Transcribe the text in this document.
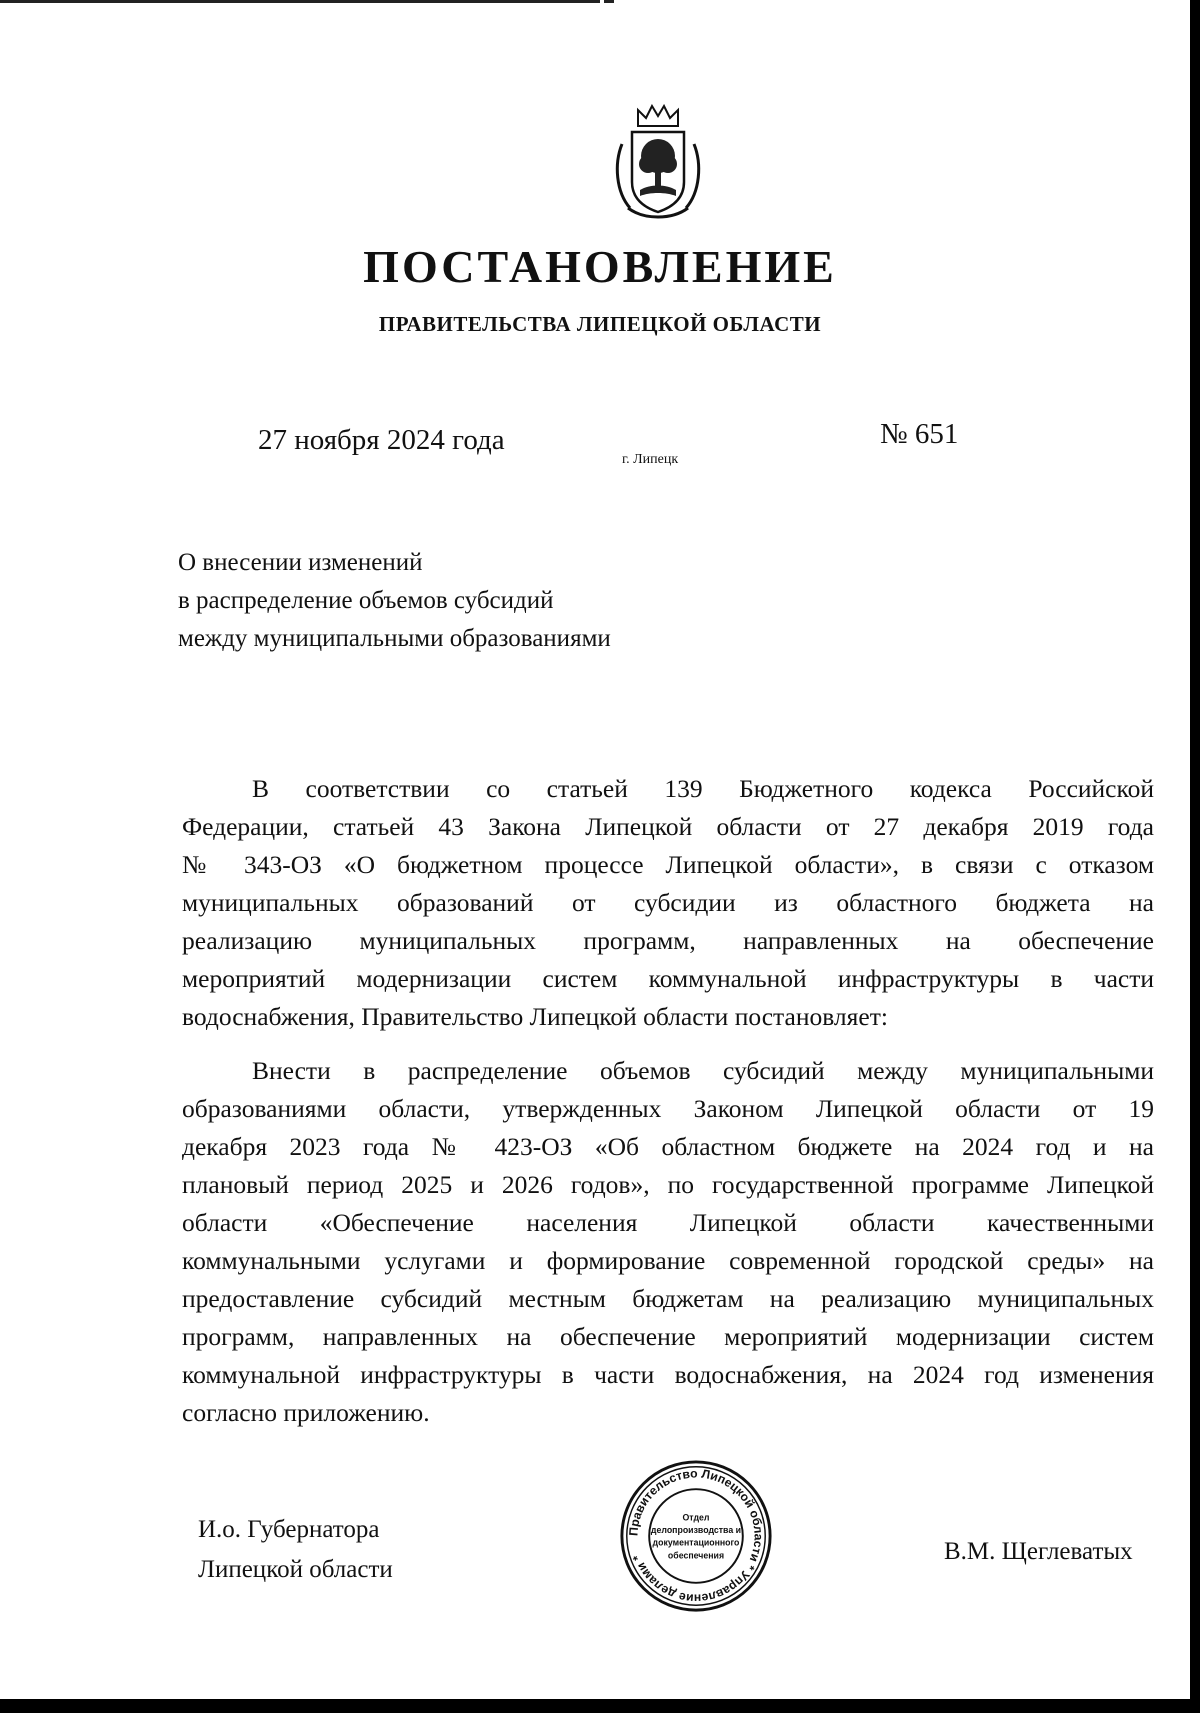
ПОСТАНОВЛЕНИЕ
ПРАВИТЕЛЬСТВА ЛИПЕЦКОЙ ОБЛАСТИ
27 ноября 2024 года
г. Липецк
№ 651
О внесении изменений
в распределение объемов субсидий
между муниципальными образованиями
В соответствии со статьей 139 Бюджетного кодекса Российской
Федерации, статьей 43 Закона Липецкой области от 27 декабря 2019 года
№ 343-ОЗ «О бюджетном процессе Липецкой области», в связи с отказом
муниципальных образований от субсидии из областного бюджета на
реализацию муниципальных программ, направленных на обеспечение
мероприятий модернизации систем коммунальной инфраструктуры в части
водоснабжения, Правительство Липецкой области постановляет:
Внести в распределение объемов субсидий между муниципальными
образованиями области, утвержденных Законом Липецкой области от 19
декабря 2023 года № 423-ОЗ «Об областном бюджете на 2024 год и на
плановый период 2025 и 2026 годов», по государственной программе Липецкой
области «Обеспечение населения Липецкой области качественными
коммунальными услугами и формирование современной городской среды» на
предоставление субсидий местным бюджетам на реализацию муниципальных
программ, направленных на обеспечение мероприятий модернизации систем
коммунальной инфраструктуры в части водоснабжения, на 2024 год изменения
согласно приложению.
И.о. Губернатора
Липецкой области
В.М. Щеглеватых
Правительство Липецкой области * Управление делами *
Отдел
делопроизводства и
документационного
обеспечения
